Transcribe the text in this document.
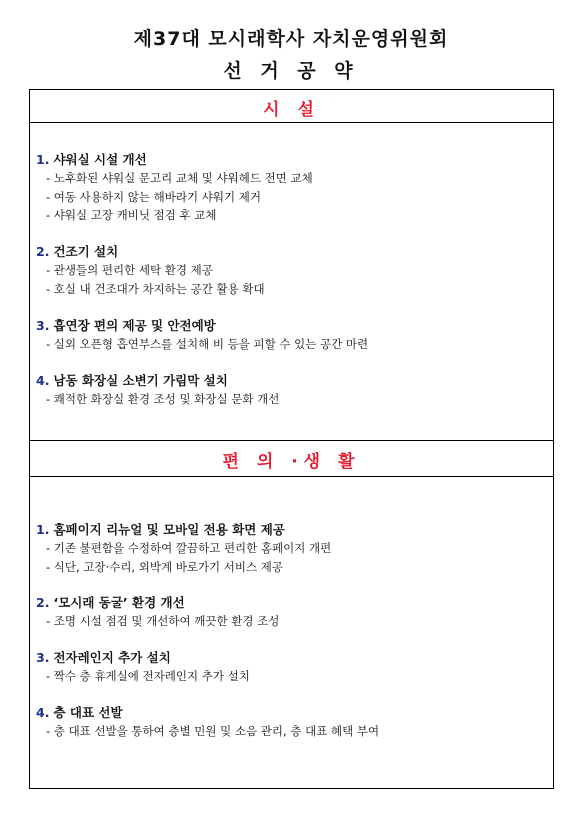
제37대 모시래학사 자치운영위원회
선 거 공 약
시 설
1. 샤워실 시설 개선
- 노후화된 샤워실 문고리 교체 및 샤워헤드 전면 교체
- 여동 사용하지 않는 해바라기 샤워기 제거
- 샤워실 고장 캐비닛 점검 후 교체
2. 건조기 설치
- 관생들의 편리한 세탁 환경 제공
- 호실 내 건조대가 차지하는 공간 활용 확대
3. 흡연장 편의 제공 및 안전예방
- 실외 오픈형 흡연부스를 설치해 비 등을 피할 수 있는 공간 마련
4. 남동 화장실 소변기 가림막 설치
- 쾌적한 화장실 환경 조성 및 화장실 문화 개선
편 의 ·생 활
1. 홈페이지 리뉴얼 및 모바일 전용 화면 제공
- 기존 불편함을 수정하여 깔끔하고 편리한 홈페이지 개편
- 식단, 고장·수리, 외박계 바로가기 서비스 제공
2. ‘모시래 동굴’ 환경 개선
- 조명 시설 점검 및 개선하여 깨끗한 환경 조성
3. 전자레인지 추가 설치
- 짝수 층 휴게실에 전자레인지 추가 설치
4. 층 대표 선발
- 층 대표 선발을 통하여 층별 민원 및 소음 관리, 층 대표 혜택 부여
